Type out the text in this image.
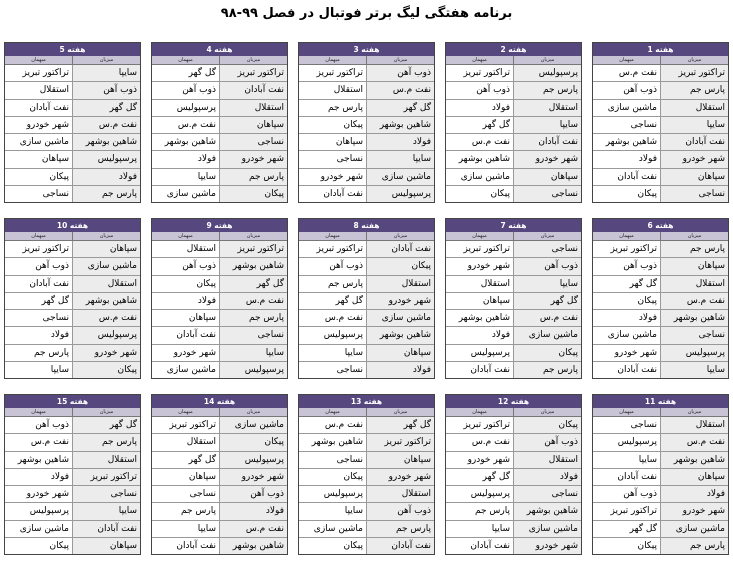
برنامه هفتگی لیگ برتر فوتبال در فصل ۹۹-۹۸
هفته 1
میزبان
میهمان
تراکتور تبریز
نفت م.س
پارس جم
ذوب آهن
استقلال
ماشین سازی
سایپا
نساجی
نفت آبادان
شاهین بوشهر
شهر خودرو
فولاد
سپاهان
نفت آبادان
نساجی
پیکان
هفته 2
میزبان
میهمان
پرسپولیس
تراکتور تبریز
پارس جم
ذوب آهن
استقلال
فولاد
سایپا
گل گهر
نفت آبادان
نفت م.س
شهر خودرو
شاهین بوشهر
سپاهان
ماشین سازی
نساجی
پیکان
هفته 3
میزبان
میهمان
ذوب آهن
تراکتور تبریز
نفت م.س
استقلال
گل گهر
پارس جم
شاهین بوشهر
پیکان
فولاد
سپاهان
سایپا
نساجی
ماشین سازی
شهر خودرو
پرسپولیس
نفت آبادان
هفته 4
میزبان
میهمان
تراکتور تبریز
گل گهر
نفت آبادان
ذوب آهن
استقلال
پرسپولیس
سپاهان
نفت م.س
نساجی
شاهین بوشهر
شهر خودرو
فولاد
پارس جم
سایپا
پیکان
ماشین سازی
هفته 5
میزبان
میهمان
سایپا
تراکتور تبریز
ذوب آهن
استقلال
گل گهر
نفت آبادان
نفت م.س
شهر خودرو
شاهین بوشهر
ماشین سازی
پرسپولیس
سپاهان
فولاد
پیکان
پارس جم
نساجی
هفته 6
میزبان
میهمان
پارس جم
تراکتور تبریز
سپاهان
ذوب آهن
استقلال
گل گهر
نفت م.س
پیکان
شاهین بوشهر
فولاد
نساجی
ماشین سازی
پرسپولیس
شهر خودرو
سایپا
نفت آبادان
هفته 7
میزبان
میهمان
نساجی
تراکتور تبریز
ذوب آهن
شهر خودرو
سایپا
استقلال
گل گهر
سپاهان
نفت م.س
شاهین بوشهر
ماشین سازی
فولاد
پیکان
پرسپولیس
پارس جم
نفت آبادان
هفته 8
میزبان
میهمان
نفت آبادان
تراکتور تبریز
پیکان
ذوب آهن
استقلال
پارس جم
شهر خودرو
گل گهر
ماشین سازی
نفت م.س
شاهین بوشهر
پرسپولیس
سپاهان
سایپا
فولاد
نساجی
هفته 9
میزبان
میهمان
تراکتور تبریز
استقلال
شاهین بوشهر
ذوب آهن
گل گهر
پیکان
نفت م.س
فولاد
پارس جم
سپاهان
نساجی
نفت آبادان
سایپا
شهر خودرو
پرسپولیس
ماشین سازی
هفته 10
میزبان
میهمان
سپاهان
تراکتور تبریز
ماشین سازی
ذوب آهن
استقلال
نفت آبادان
شاهین بوشهر
گل گهر
نفت م.س
نساجی
پرسپولیس
فولاد
شهر خودرو
پارس جم
پیکان
سایپا
هفته 11
میزبان
میهمان
استقلال
نساجی
نفت م.س
پرسپولیس
شاهین بوشهر
سایپا
سپاهان
نفت آبادان
فولاد
ذوب آهن
شهر خودرو
تراکتور تبریز
ماشین سازی
گل گهر
پارس جم
پیکان
هفته 12
میزبان
میهمان
پیکان
تراکتور تبریز
ذوب آهن
نفت م.س
استقلال
شهر خودرو
فولاد
گل گهر
نساجی
پرسپولیس
شاهین بوشهر
پارس جم
ماشین سازی
سایپا
شهر خودرو
نفت آبادان
هفته 13
میزبان
میهمان
گل گهر
نفت م.س
تراکتور تبریز
شاهین بوشهر
سپاهان
نساجی
شهر خودرو
پیکان
استقلال
پرسپولیس
ذوب آهن
سایپا
پارس جم
ماشین سازی
نفت آبادان
پیکان
هفته 14
میزبان
میهمان
ماشین سازی
تراکتور تبریز
پیکان
استقلال
پرسپولیس
گل گهر
شهر خودرو
سپاهان
ذوب آهن
نساجی
فولاد
پارس جم
نفت م.س
سایپا
شاهین بوشهر
نفت آبادان
هفته 15
میزبان
میهمان
گل گهر
ذوب آهن
پارس جم
نفت م.س
استقلال
شاهین بوشهر
تراکتور تبریز
فولاد
نساجی
شهر خودرو
سایپا
پرسپولیس
نفت آبادان
ماشین سازی
سپاهان
پیکان
